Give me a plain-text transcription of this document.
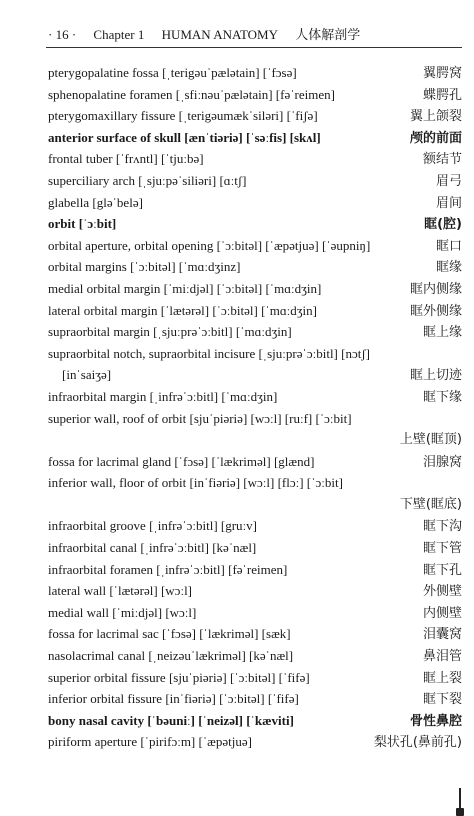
· 16 · Chapter 1 HUMAN ANATOMY 人体解剖学
pterygopalatine fossa [ˌterigəuˈpælətain] [ˈfɔsə]	翼腭窝
sphenopalatine foramen [ˌsfiːnəuˈpælətain] [fəˈreimen]	蝶腭孔
pterygomaxillary fissure [ˌterigəumækˈsiləri] [ˈfiʃə]	翼上颌裂
anterior surface of skull [ænˈtiəriə] [ˈsəːfis] [skʌl]	颅的前面
frontal tuber [ˈfrʌntl] [ˈtjuːbə]	额结节
superciliary arch [ˌsjuːpəˈsiliəri] [ɑːtʃ]	眉弓
glabella [gləˈbelə]	眉间
orbit [ˈɔːbit]	眶(腔)
orbital aperture, orbital opening [ˈɔːbitəl] [ˈæpətjuə] [ˈəupniŋ]	眶口
orbital margins [ˈɔːbitəl] [ˈmɑːdʒinz]	眶缘
medial orbital margin [ˈmiːdjəl] [ˈɔːbitəl] [ˈmɑːdʒin]	眶内侧缘
lateral orbital margin [ˈlætərəl] [ˈɔːbitəl] [ˈmɑːdʒin]	眶外侧缘
supraorbital margin [ˌsjuːprəˈɔːbitl] [ˈmɑːdʒin]	眶上缘
supraorbital notch, supraorbital incisure [ˌsjuːprəˈɔːbitl] [nɔtʃ]
[inˈsaiʒə]	眶上切迹
infraorbital margin [ˌinfrəˈɔːbitl] [ˈmɑːdʒin]	眶下缘
superior wall, roof of orbit [sjuˈpiəriə] [wɔːl] [ruːf] [ˈɔːbit]
上壁(眶顶)
fossa for lacrimal gland [ˈfɔsə] [ˈlækriməl] [glænd]	泪腺窝
inferior wall, floor of orbit [inˈfiəriə] [wɔːl] [flɔː] [ˈɔːbit]
下壁(眶底)
infraorbital groove [ˌinfrəˈɔːbitl] [gruːv]	眶下沟
infraorbital canal [ˌinfrəˈɔːbitl] [kəˈnæl]	眶下管
infraorbital foramen [ˌinfrəˈɔːbitl] [fəˈreimen]	眶下孔
lateral wall [ˈlætərəl] [wɔːl]	外侧壁
medial wall [ˈmiːdjəl] [wɔːl]	内侧壁
fossa for lacrimal sac [ˈfɔsə] [ˈlækriməl] [sæk]	泪囊窝
nasolacrimal canal [ˌneizəuˈlækriməl] [kəˈnæl]	鼻泪管
superior orbital fissure [sjuˈpiəriə] [ˈɔːbitəl] [ˈfifə]	眶上裂
inferior orbital fissure [inˈfiəriə] [ˈɔːbitəl] [ˈfifə]	眶下裂
bony nasal cavity [ˈbəuniː] [ˈneizəl] [ˈkæviti]	骨性鼻腔
piriform aperture [ˈpirifɔːm] [ˈæpətjuə]	梨状孔(鼻前孔)
